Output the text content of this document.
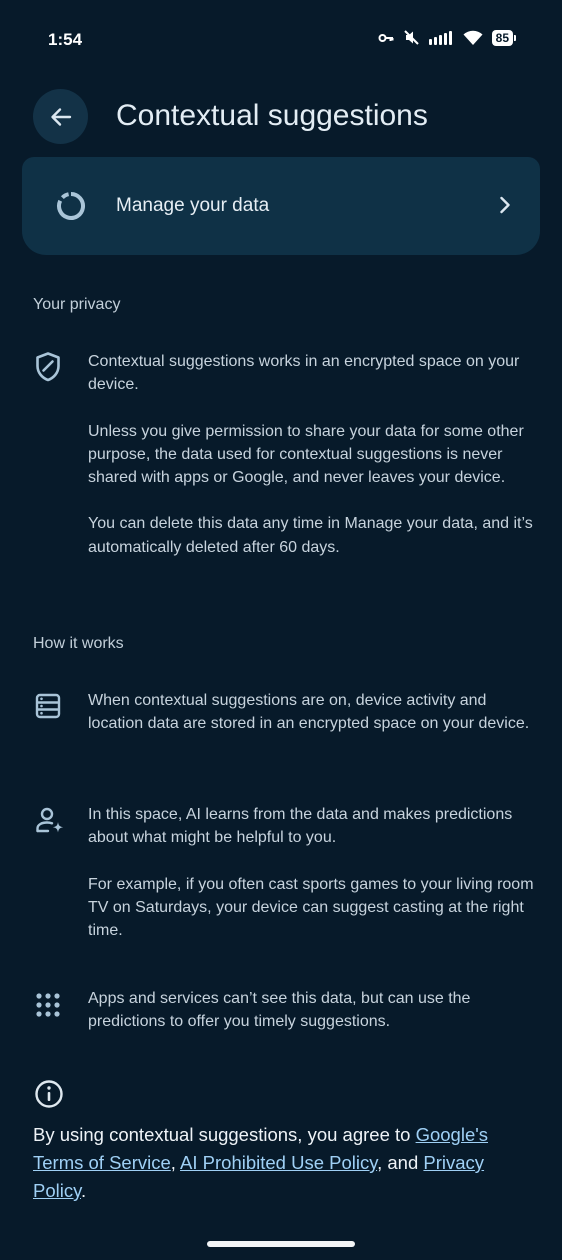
1:54	85
Contextual suggestions
Manage your data
Your privacy

Contextual suggestions works in an encrypted space on your device.

Unless you give permission to share your data for some other purpose, the data used for contextual suggestions is never shared with apps or Google, and never leaves your device.

You can delete this data any time in Manage your data, and it’s automatically deleted after 60 days.

How it works

When contextual suggestions are on, device activity and location data are stored in an encrypted space on your device.

In this space, AI learns from the data and makes predictions about what might be helpful to you.

For example, if you often cast sports games to your living room TV on Saturdays, your device can suggest casting at the right time.

Apps and services can’t see this data, but can use the predictions to offer you timely suggestions.

By using contextual suggestions, you agree to Google's Terms of Service, AI Prohibited Use Policy, and Privacy Policy.
